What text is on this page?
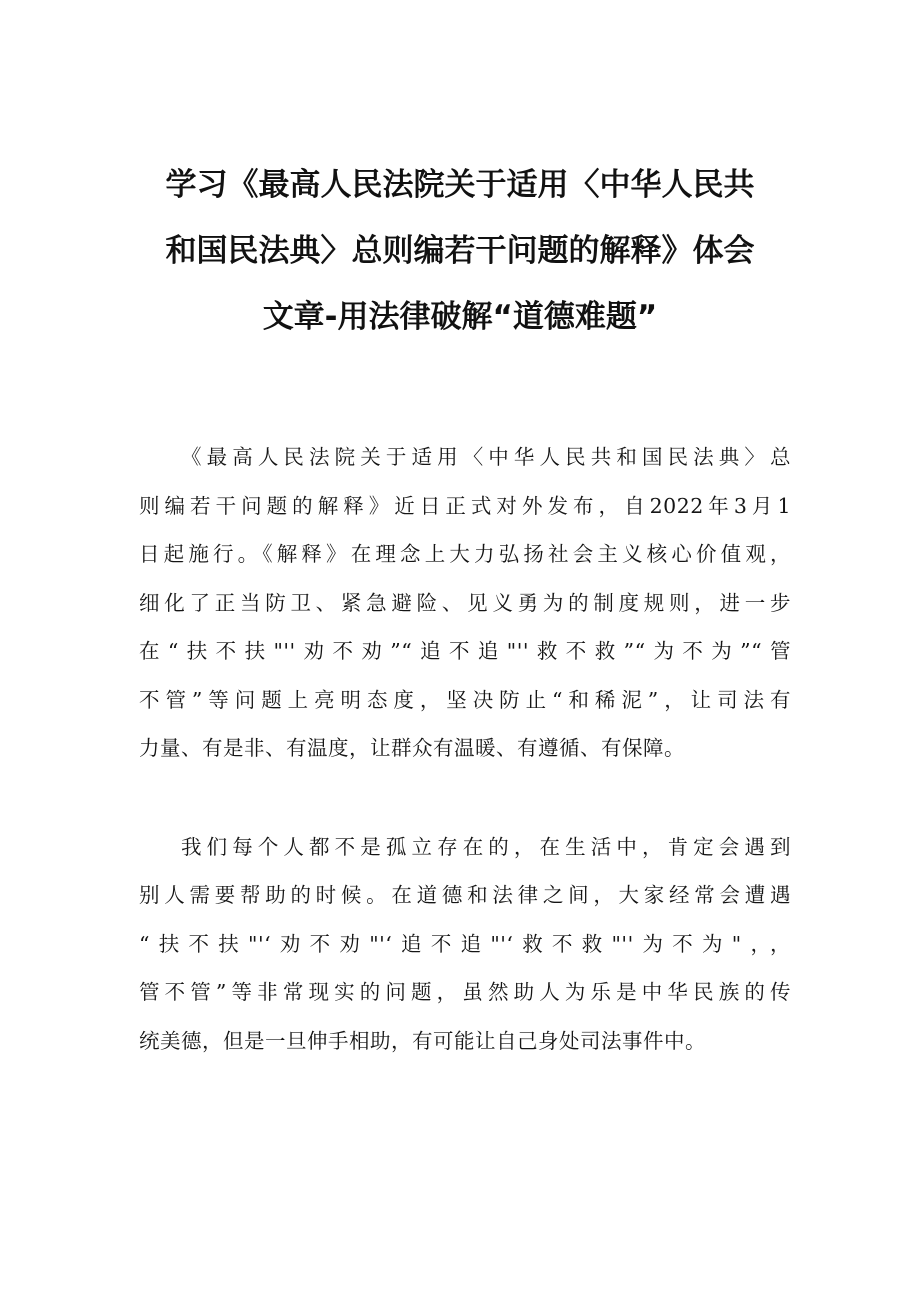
学习《最高人民法院关于适用〈中华人民共
和国民法典〉总则编若干问题的解释》体会
文章-用法律破解“道德难题”
《最高人民法院关于适用〈中华人民共和国民法典〉总
则编若干问题的解释》近日正式对外发布，自2022年3月1
日起施行。《解释》在理念上大力弘扬社会主义核心价值观，
细化了正当防卫、紧急避险、见义勇为的制度规则，进一步
在“扶不扶"''劝不劝”“追不追"''救不救”“为不为”“管
不管”等问题上亮明态度，坚决防止“和稀泥”，让司法有
力量、有是非、有温度，让群众有温暖、有遵循、有保障。
我们每个人都不是孤立存在的，在生活中，肯定会遇到
别人需要帮助的时候。在道德和法律之间，大家经常会遭遇
“扶不扶"'‘劝不劝"'‘追不追"'‘救不救"''为不为"，，
管不管”等非常现实的问题，虽然助人为乐是中华民族的传
统美德，但是一旦伸手相助，有可能让自己身处司法事件中。
